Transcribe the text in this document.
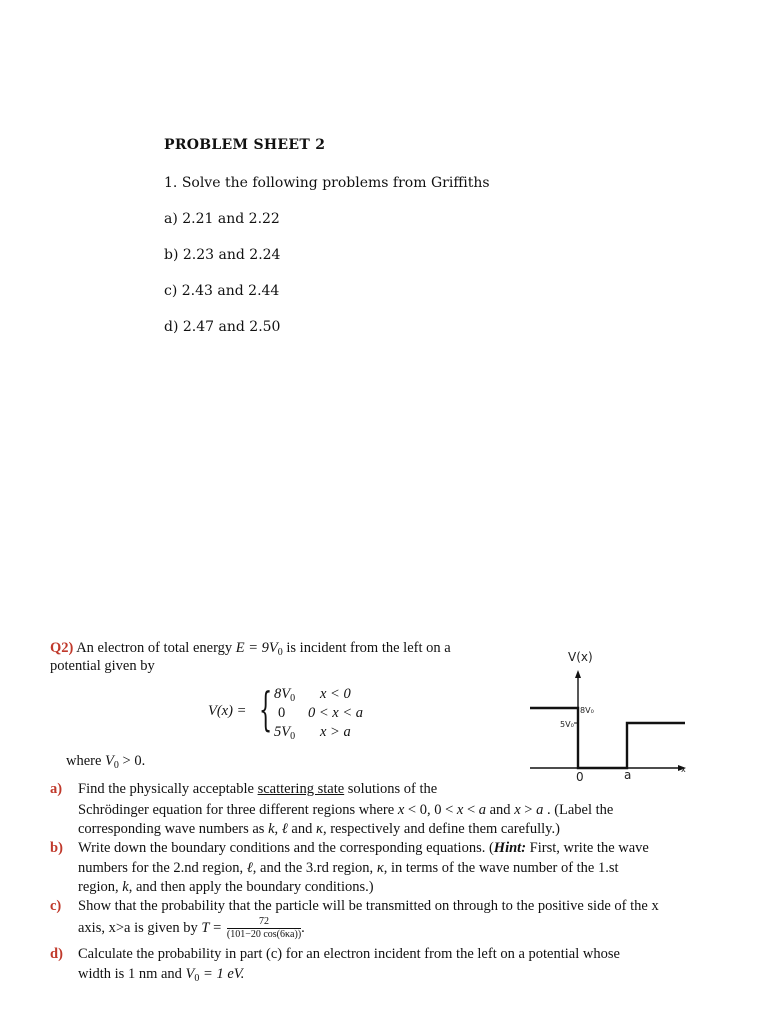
PROBLEM SHEET 2
1. Solve the following problems from Griffiths
a) 2.21 and 2.22
b) 2.23 and 2.24
c) 2.43 and 2.44
d) 2.47 and 2.50
Q2) An electron of total energy $E = 9V_0$ is incident from the left on a
potential given by
V(x) = { $8V_0$ x < 0
0 0 < x < a
$5V_0$ x > a
where $V_0 > 0$.
V(x)
8V₀
5V₀
0	a	x
a) Find the physically acceptable scattering state solutions of the
Schrödinger equation for three different regions where x < 0, 0 < x < a and x > a . (Label the
corresponding wave numbers as k, ℓ and κ, respectively and define them carefully.)
b) Write down the boundary conditions and the corresponding equations. (Hint: First, write the wave
numbers for the 2.nd region, ℓ, and the 3.rd region, κ, in terms of the wave number of the 1.st
region, k, and then apply the boundary conditions.)
c) Show that the probability that the particle will be transmitted on through to the positive side of the x
axis, x>a is given by $T = \frac{72}{(101-20 \cos(6\kappa a))}$ .
d) Calculate the probability in part (c) for an electron incident from the left on a potential whose
width is 1 nm and $V_0 = 1$ eV.
